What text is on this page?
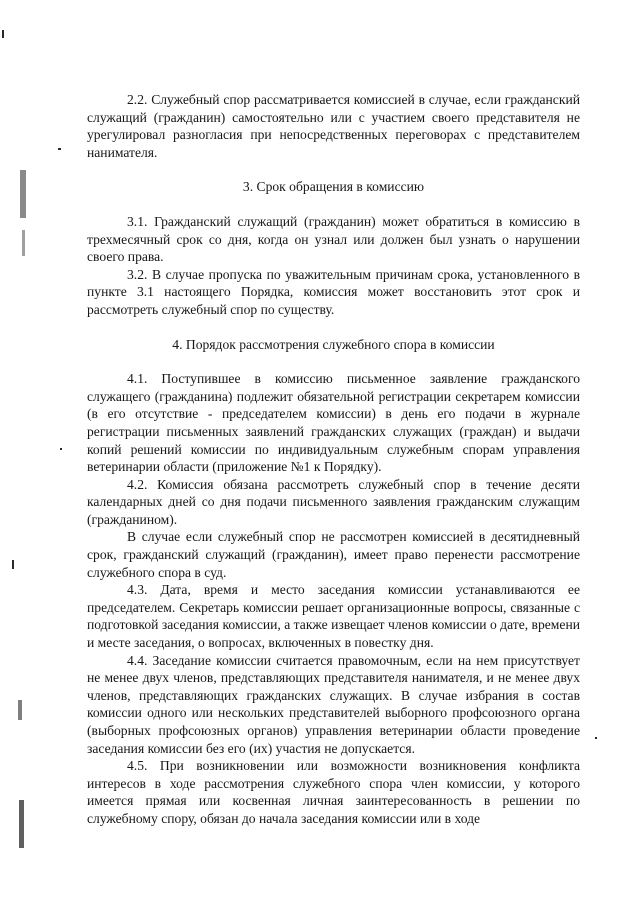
2.2. Служебный спор рассматривается комиссией в случае, если гражданский служащий (гражданин) самостоятельно или с участием своего представителя не урегулировал разногласия при непосредственных переговорах с представителем нанимателя.

3. Срок обращения в комиссию

3.1. Гражданский служащий (гражданин) может обратиться в комиссию в трехмесячный срок со дня, когда он узнал или должен был узнать о нарушении своего права.

3.2. В случае пропуска по уважительным причинам срока, установленного в пункте 3.1 настоящего Порядка, комиссия может восстановить этот срок и рассмотреть служебный спор по существу.

4. Порядок рассмотрения служебного спора в комиссии

4.1. Поступившее в комиссию письменное заявление гражданского служащего (гражданина) подлежит обязательной регистрации секретарем комиссии (в его отсутствие - председателем комиссии) в день его подачи в журнале регистрации письменных заявлений гражданских служащих (граждан) и выдачи копий решений комиссии по индивидуальным служебным спорам управления ветеринарии области (приложение №1 к Порядку).

4.2. Комиссия обязана рассмотреть служебный спор в течение десяти календарных дней со дня подачи письменного заявления гражданским служащим (гражданином).

В случае если служебный спор не рассмотрен комиссией в десятидневный срок, гражданский служащий (гражданин), имеет право перенести рассмотрение служебного спора в суд.

4.3. Дата, время и место заседания комиссии устанавливаются ее председателем. Секретарь комиссии решает организационные вопросы, связанные с подготовкой заседания комиссии, а также извещает членов комиссии о дате, времени и месте заседания, о вопросах, включенных в повестку дня.

4.4. Заседание комиссии считается правомочным, если на нем присутствует не менее двух членов, представляющих представителя нанимателя, и не менее двух членов, представляющих гражданских служащих. В случае избрания в состав комиссии одного или нескольких представителей выборного профсоюзного органа (выборных профсоюзных органов) управления ветеринарии области проведение заседания комиссии без его (их) участия не допускается.

4.5. При возникновении или возможности возникновения конфликта интересов в ходе рассмотрения служебного спора член комиссии, у которого имеется прямая или косвенная личная заинтересованность в решении по служебному спору, обязан до начала заседания комиссии или в ходе
